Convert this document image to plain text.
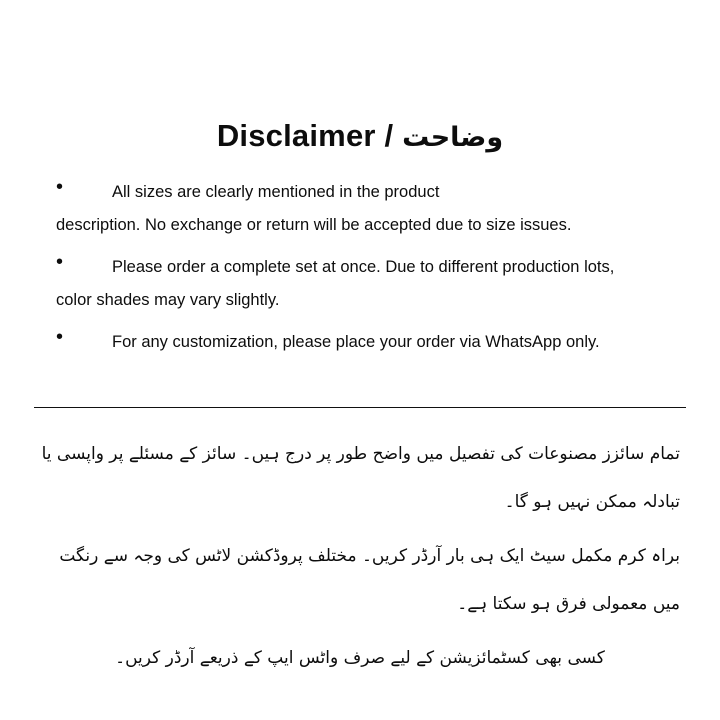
Disclaimer / وضاحت
•	All sizes are clearly mentioned in the product
description. No exchange or return will be accepted due to size issues.
•	Please order a complete set at once. Due to different production lots,
color shades may vary slightly.
•	For any customization, please place your order via WhatsApp only.
تمام سائزز مصنوعات کی تفصیل میں واضح طور پر درج ہیں۔ سائز کے مسئلے پر واپسی یا تبادلہ ممکن نہیں ہو گا۔
براہ کرم مکمل سیٹ ایک ہی بار آرڈر کریں۔ مختلف پروڈکشن لاٹس کی وجہ سے رنگت میں معمولی فرق ہو سکتا ہے۔
کسی بھی کسٹمائزیشن کے لیے صرف واٹس ایپ کے ذریعے آرڈر کریں۔
